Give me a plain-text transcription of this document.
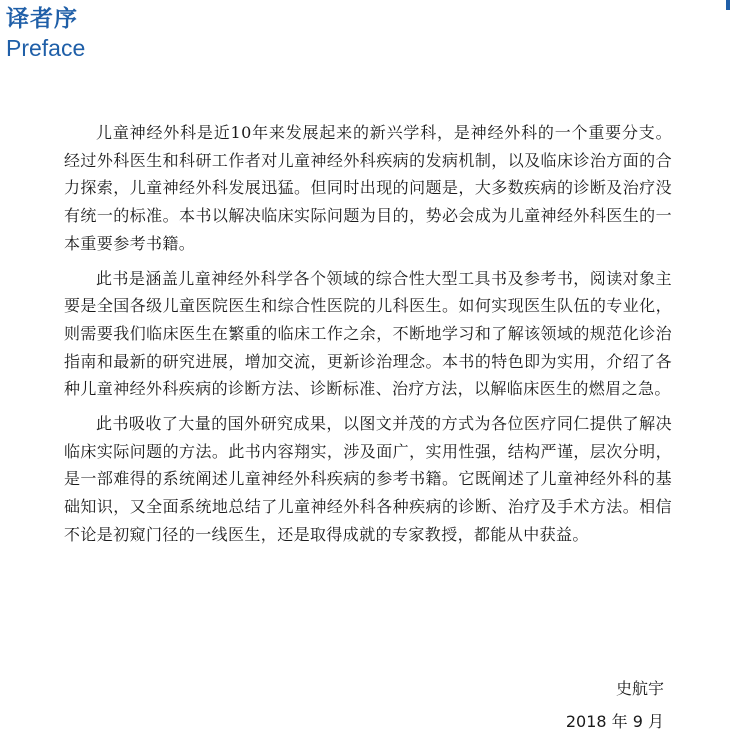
译者序
Preface

儿童神经外科是近10年来发展起来的新兴学科，是神经外科的一个重要分支。经过外科医生和科研工作者对儿童神经外科疾病的发病机制，以及临床诊治方面的合力探索，儿童神经外科发展迅猛。但同时出现的问题是，大多数疾病的诊断及治疗没有统一的标准。本书以解决临床实际问题为目的，势必会成为儿童神经外科医生的一本重要参考书籍。

此书是涵盖儿童神经外科学各个领域的综合性大型工具书及参考书，阅读对象主要是全国各级儿童医院医生和综合性医院的儿科医生。如何实现医生队伍的专业化，则需要我们临床医生在繁重的临床工作之余，不断地学习和了解该领域的规范化诊治指南和最新的研究进展，增加交流，更新诊治理念。本书的特色即为实用，介绍了各种儿童神经外科疾病的诊断方法、诊断标准、治疗方法，以解临床医生的燃眉之急。

此书吸收了大量的国外研究成果，以图文并茂的方式为各位医疗同仁提供了解决临床实际问题的方法。此书内容翔实，涉及面广，实用性强，结构严谨，层次分明，是一部难得的系统阐述儿童神经外科疾病的参考书籍。它既阐述了儿童神经外科的基础知识，又全面系统地总结了儿童神经外科各种疾病的诊断、治疗及手术方法。相信不论是初窥门径的一线医生，还是取得成就的专家教授，都能从中获益。

史航宇
2018 年 9 月
